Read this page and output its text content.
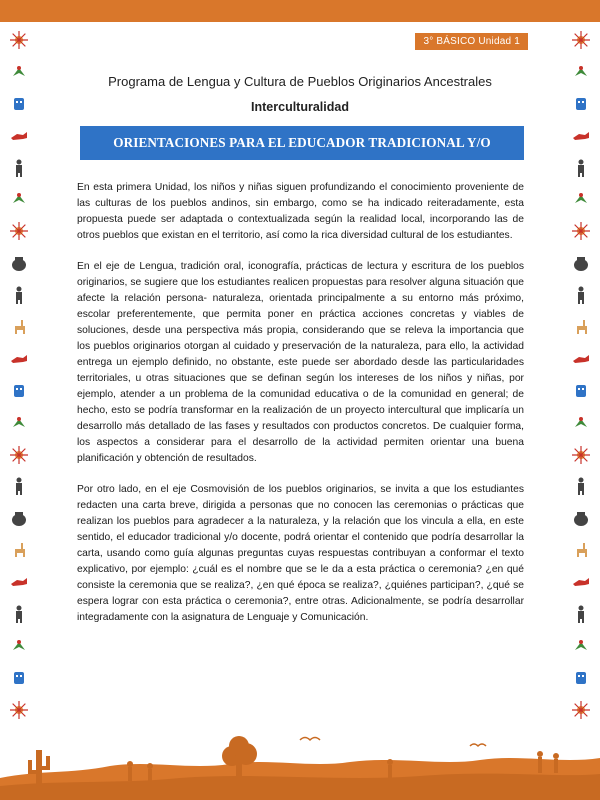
3° BÁSICO Unidad 1
Programa de Lengua y Cultura de Pueblos Originarios Ancestrales
Interculturalidad
ORIENTACIONES PARA EL EDUCADOR TRADICIONAL Y/O DOCENTE

En esta primera Unidad, los niños y niñas siguen profundizando el conocimiento proveniente de las culturas de los pueblos andinos, sin embargo, como se ha indicado reiteradamente, esta propuesta puede ser adaptada o contextualizada según la realidad local, incorporando las de otros pueblos que existan en el territorio, así como la rica diversidad cultural de los estudiantes.

En el eje de Lengua, tradición oral, iconografía, prácticas de lectura y escritura de los pueblos originarios, se sugiere que los estudiantes realicen propuestas para resolver alguna situación que afecte la relación persona- naturaleza, orientada principalmente a su entorno más próximo, escolar preferentemente, que permita poner en práctica acciones concretas y viables de soluciones, desde una perspectiva más propia, considerando que se releva la importancia que los pueblos originarios otorgan al cuidado y preservación de la naturaleza, para ello, la actividad entrega un ejemplo definido, no obstante, este puede ser abordado desde las particularidades territoriales, u otras situaciones que se definan según los intereses de los niños y niñas, por ejemplo, atender a un problema de la comunidad educativa o de la comunidad en general; de hecho, esto se podría transformar en la realización de un proyecto intercultural que implicaría un desarrollo más detallado de las fases y resultados con productos concretos. De cualquier forma, los aspectos a considerar para el desarrollo de la actividad permiten orientar una buena planificación y obtención de resultados.

Por otro lado, en el eje Cosmovisión de los pueblos originarios, se invita a que los estudiantes redacten una carta breve, dirigida a personas que no conocen las ceremonias o prácticas que realizan los pueblos para agradecer a la naturaleza, y la relación que los vincula a ella, en este sentido, el educador tradicional y/o docente, podrá orientar el contenido que podría desarrollar la carta, usando como guía algunas preguntas cuyas respuestas contribuyan a conformar el texto explicativo, por ejemplo: ¿cuál es el nombre que se le da a esta práctica o ceremonia? ¿en qué consiste la ceremonia que se realiza?, ¿en qué época se realiza?, ¿quiénes participan?, ¿qué se espera lograr con esta práctica o ceremonia?, entre otras. Adicionalmente, se podría desarrollar integradamente con la asignatura de Lenguaje y Comunicación.
